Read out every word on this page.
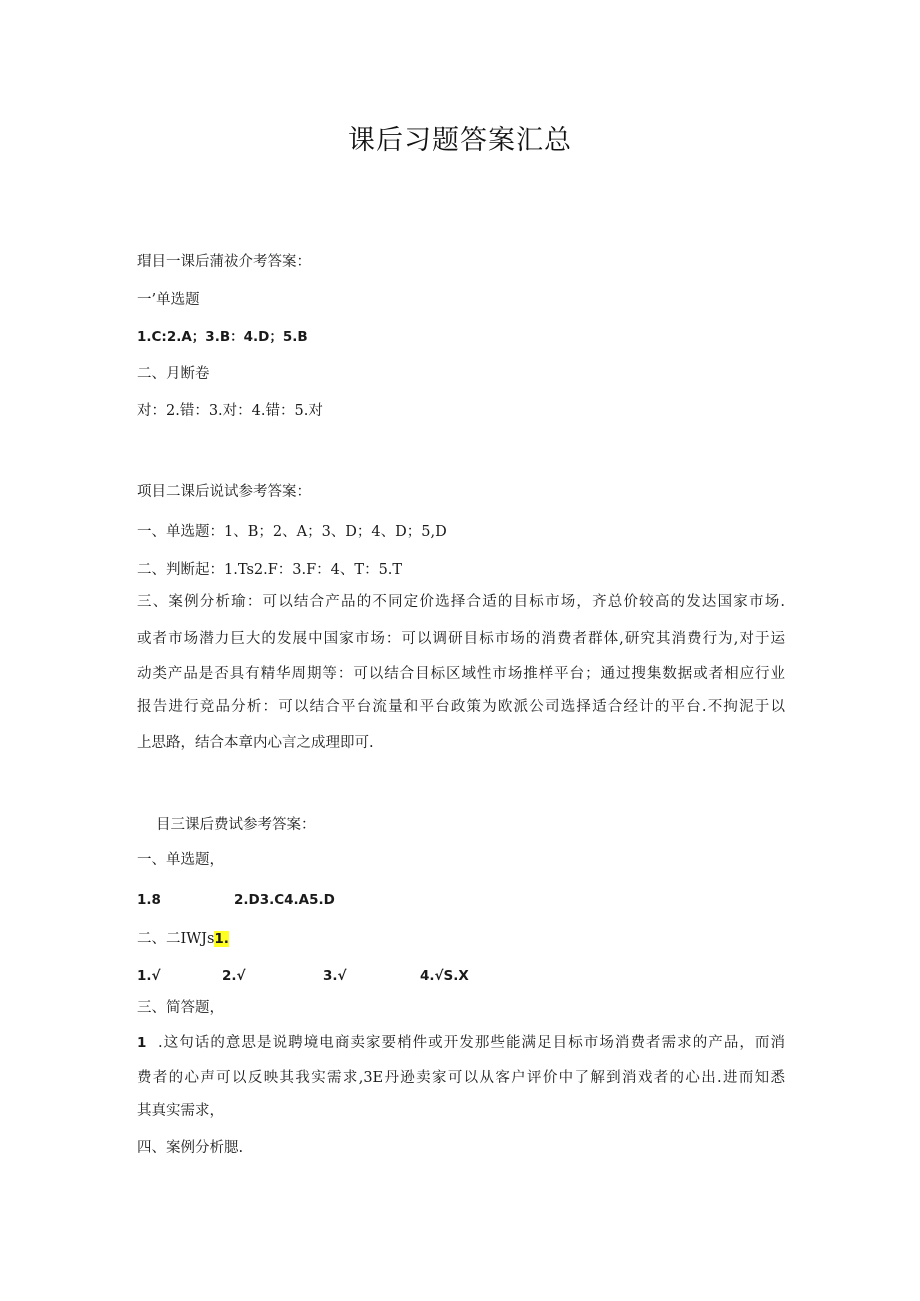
课后习题答案汇总
瑁目一课后蒲祓介考答案：
一’单选题
1.C:2.A；3.B：4.D；5.B
二、月断卷
对：2.错：3.对：4.错：5.对
项目二课后说试参考答案：
一、单选题：1、B；2、A；3、D；4、D；5,D
二、判断起：1.Ts2.F：3.F：4、T：5.T
三、案例分析瑜：可以结合产品的不同定价选择合适的目标市场，齐总价较高的发达国家市场.
或者市场潜力巨大的发展中国家市场：可以调研目标市场的消费者群体,研究其消费行为,对于运
动类产品是否具有精华周期等：可以结合目标区域性市场推样平台；通过搜集数据或者相应行业
报告进行竞品分析：可以结合平台流量和平台政策为欧派公司选择适合经计的平台.不拘泥于以
上思路，结合本章内心言之成理即可.
目三课后费试参考答案：
一、单选题，
1.8	2.D3.C4.A5.D
二、二IWJs1.
1.√	2.√	3.√	4.√S.X
三、简答题，
1 .这句话的意思是说聘境电商卖家要梢件或开发那些能满足目标市场消费者需求的产品，而消
费者的心声可以反映其我实需求,3E丹逊卖家可以从客户评价中了解到消戏者的心出.进而知悉
其真实需求，
四、案例分析腮.
